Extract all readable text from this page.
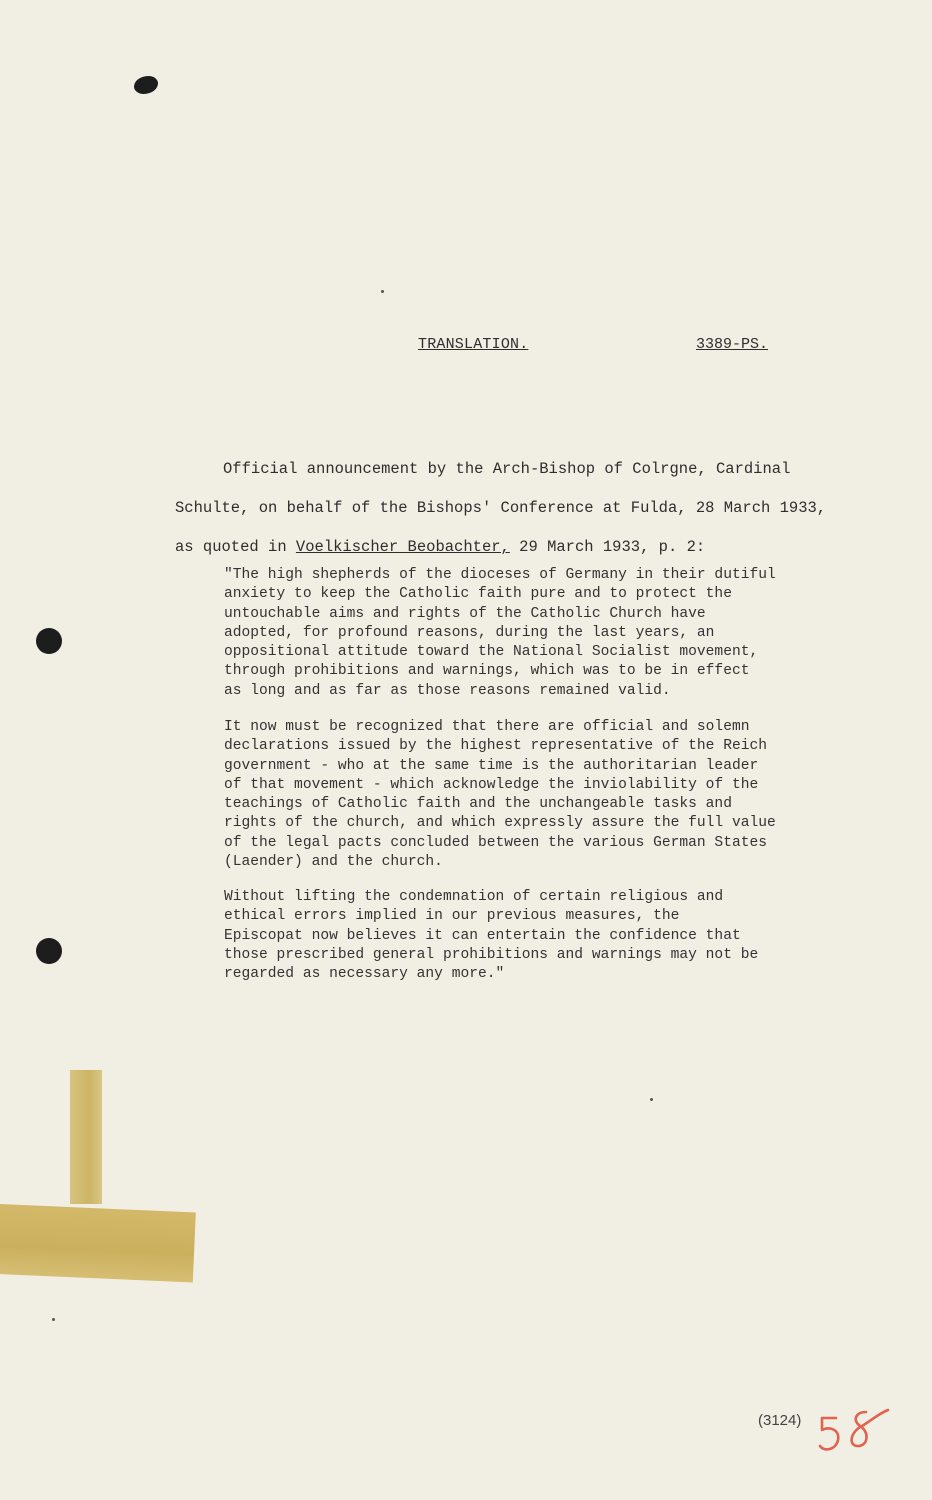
TRANSLATION.	3389-PS.
Official announcement by the Arch-Bishop of Colrgne, Cardinal
Schulte, on behalf of the Bishops' Conference at Fulda, 28 March 1933,
as quoted in Voelkischer Beobachter, 29 March 1933, p. 2:
"The high shepherds of the dioceses of Germany in their dutiful
anxiety to keep the Catholic faith pure and to protect the
untouchable aims and rights of the Catholic Church have
adopted, for profound reasons, during the last years, an
oppositional attitude toward the National Socialist movement,
through prohibitions and warnings, which was to be in effect
as long and as far as those reasons remained valid.
It now must be recognized that there are official and solemn
declarations issued by the highest representative of the Reich
government - who at the same time is the authoritarian leader
of that movement - which acknowledge the inviolability of the
teachings of Catholic faith and the unchangeable tasks and
rights of the church, and which expressly assure the full value
of the legal pacts concluded between the various German States
(Laender) and the church.
Without lifting the condemnation of certain religious and
ethical errors implied in our previous measures, the
Episcopat now believes it can entertain the confidence that
those prescribed general prohibitions and warnings may not be
regarded as necessary any more."
(3124)
